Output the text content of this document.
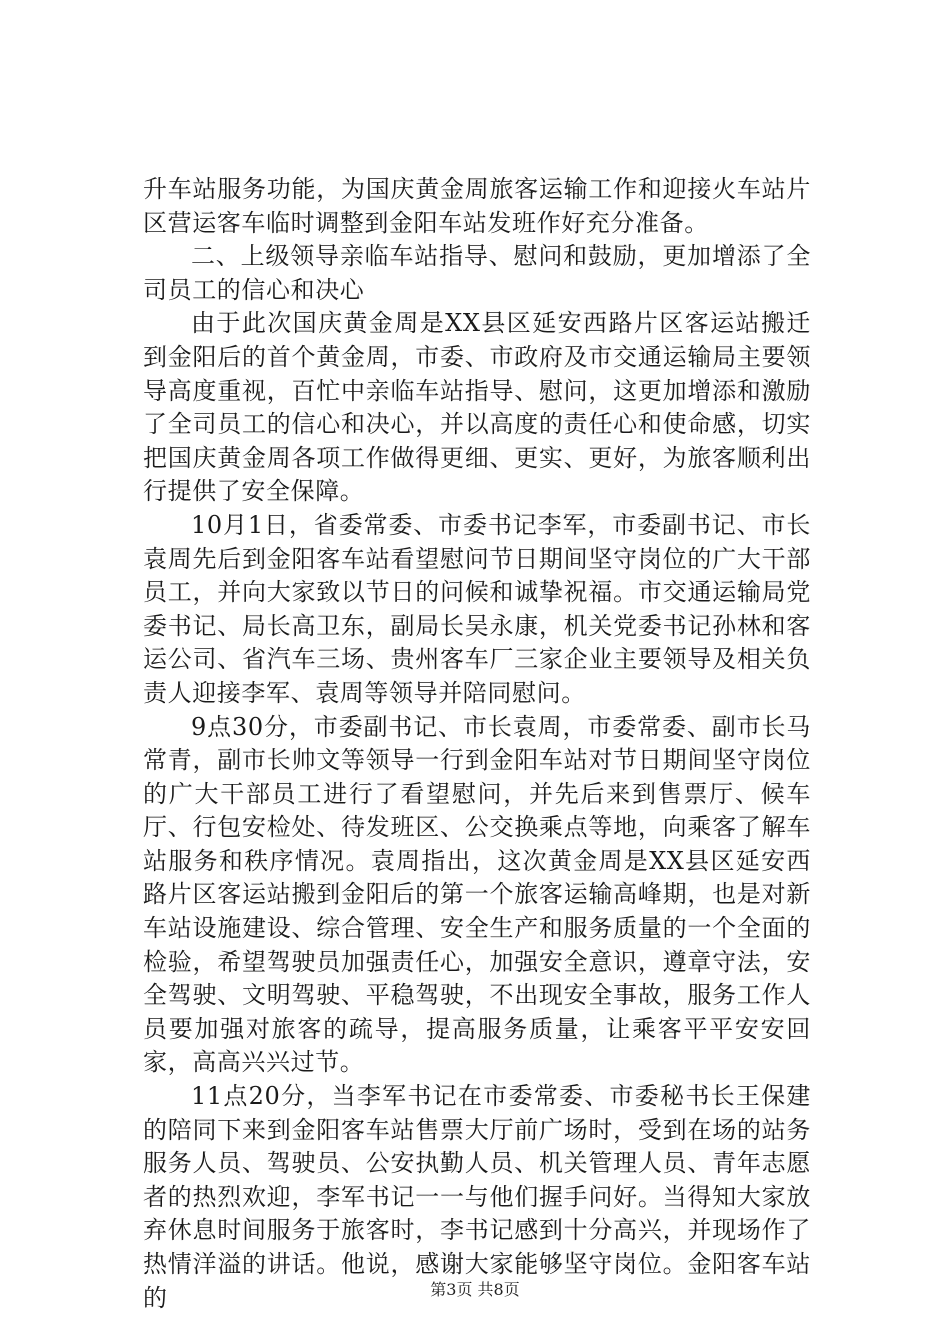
升车站服务功能，为国庆黄金周旅客运输工作和迎接火车站片区营运客车临时调整到金阳车站发班作好充分准备。

二、上级领导亲临车站指导、慰问和鼓励，更加增添了全司员工的信心和决心

由于此次国庆黄金周是XX县区延安西路片区客运站搬迁到金阳后的首个黄金周，市委、市政府及市交通运输局主要领导高度重视，百忙中亲临车站指导、慰问，这更加增添和激励了全司员工的信心和决心，并以高度的责任心和使命感，切实把国庆黄金周各项工作做得更细、更实、更好，为旅客顺利出行提供了安全保障。

10月1日，省委常委、市委书记李军，市委副书记、市长袁周先后到金阳客车站看望慰问节日期间坚守岗位的广大干部员工，并向大家致以节日的问候和诚挚祝福。市交通运输局党委书记、局长高卫东，副局长吴永康，机关党委书记孙林和客运公司、省汽车三场、贵州客车厂三家企业主要领导及相关负责人迎接李军、袁周等领导并陪同慰问。

9点30分，市委副书记、市长袁周，市委常委、副市长马常青，副市长帅文等领导一行到金阳车站对节日期间坚守岗位的广大干部员工进行了看望慰问，并先后来到售票厅、候车厅、行包安检处、待发班区、公交换乘点等地，向乘客了解车站服务和秩序情况。袁周指出，这次黄金周是XX县区延安西路片区客运站搬到金阳后的第一个旅客运输高峰期，也是对新车站设施建设、综合管理、安全生产和服务质量的一个全面的检验，希望驾驶员加强责任心，加强安全意识，遵章守法，安全驾驶、文明驾驶、平稳驾驶，不出现安全事故，服务工作人员要加强对旅客的疏导，提高服务质量，让乘客平平安安回家，高高兴兴过节。

11点20分，当李军书记在市委常委、市委秘书长王保建的陪同下来到金阳客车站售票大厅前广场时，受到在场的站务服务人员、驾驶员、公安执勤人员、机关管理人员、青年志愿者的热烈欢迎，李军书记一一与他们握手问好。当得知大家放弃休息时间服务于旅客时，李书记感到十分高兴，并现场作了热情洋溢的讲话。他说，感谢大家能够坚守岗位。金阳客车站的	第3页 共8页
